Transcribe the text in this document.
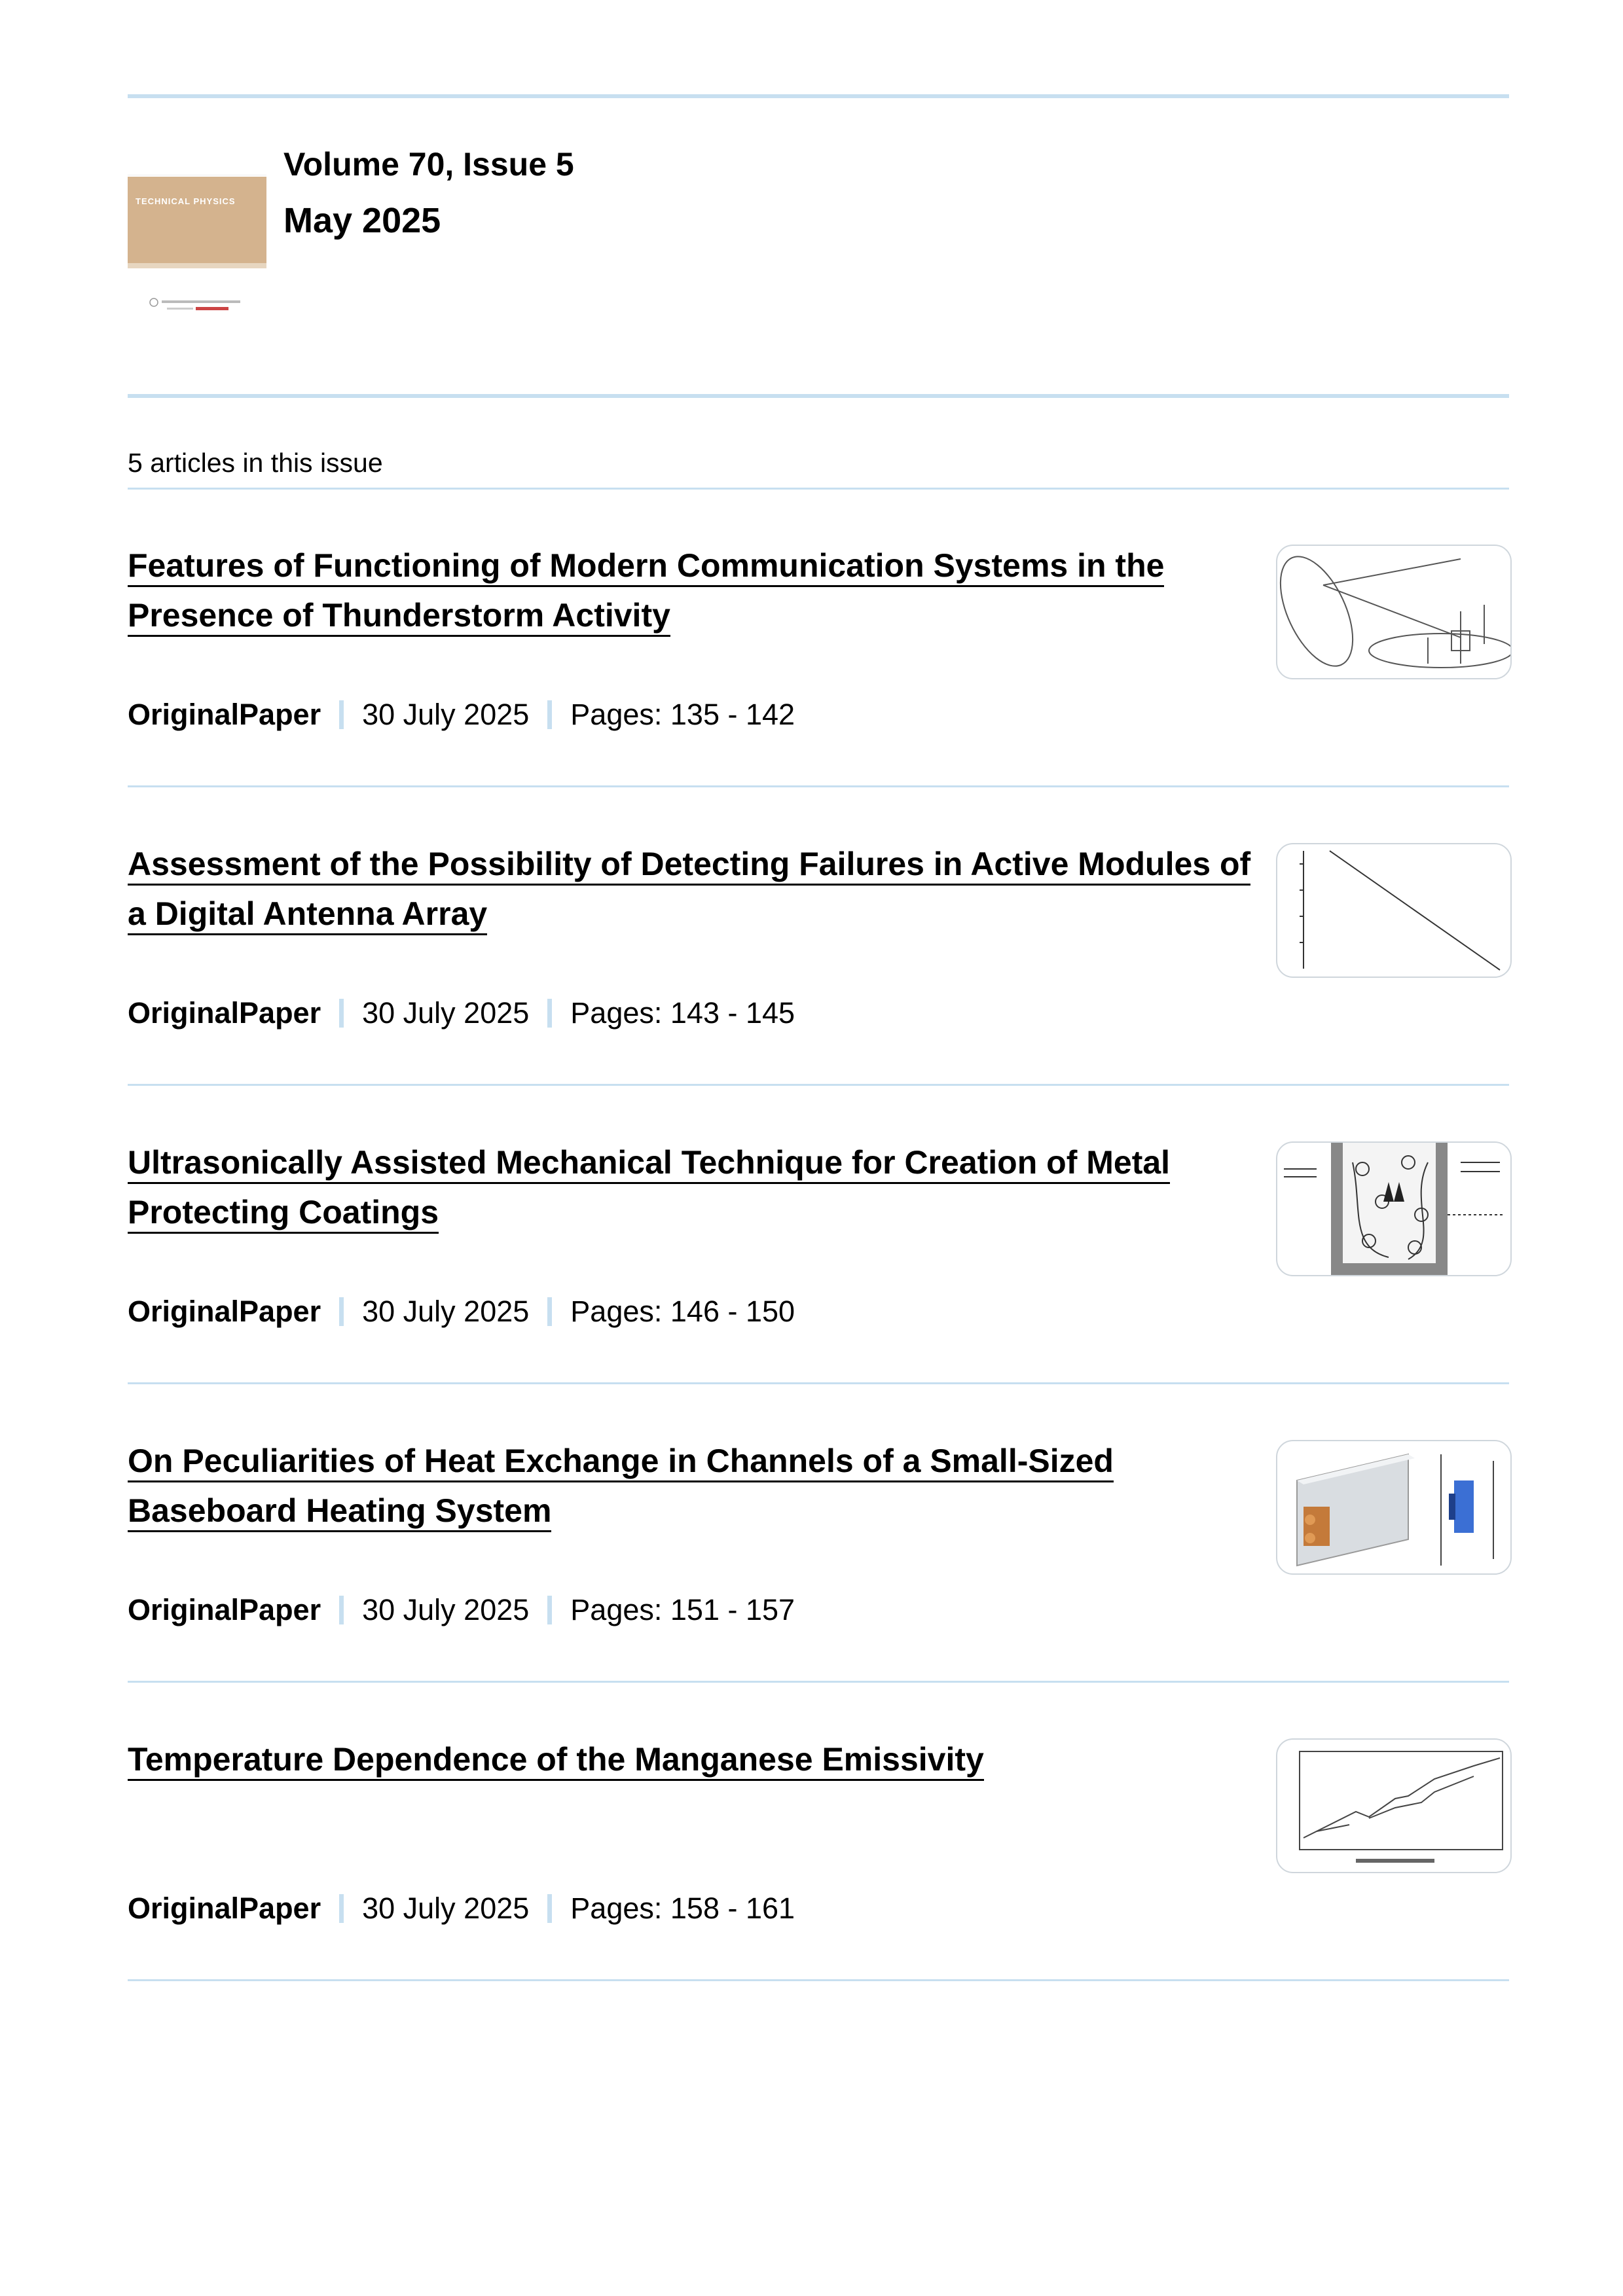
TECHNICAL PHYSICS
Volume 70, Issue 5
May 2025
5 articles in this issue
Features of Functioning of Modern Communication Systems in the Presence of Thunderstorm Activity
OriginalPaper 30 July 2025 Pages: 135 - 142
Assessment of the Possibility of Detecting Failures in Active Modules of a Digital Antenna Array
OriginalPaper 30 July 2025 Pages: 143 - 145
Ultrasonically Assisted Mechanical Technique for Creation of Metal Protecting Coatings
OriginalPaper 30 July 2025 Pages: 146 - 150
On Peculiarities of Heat Exchange in Channels of a Small-Sized Baseboard Heating System
OriginalPaper 30 July 2025 Pages: 151 - 157
Temperature Dependence of the Manganese Emissivity
OriginalPaper 30 July 2025 Pages: 158 - 161
